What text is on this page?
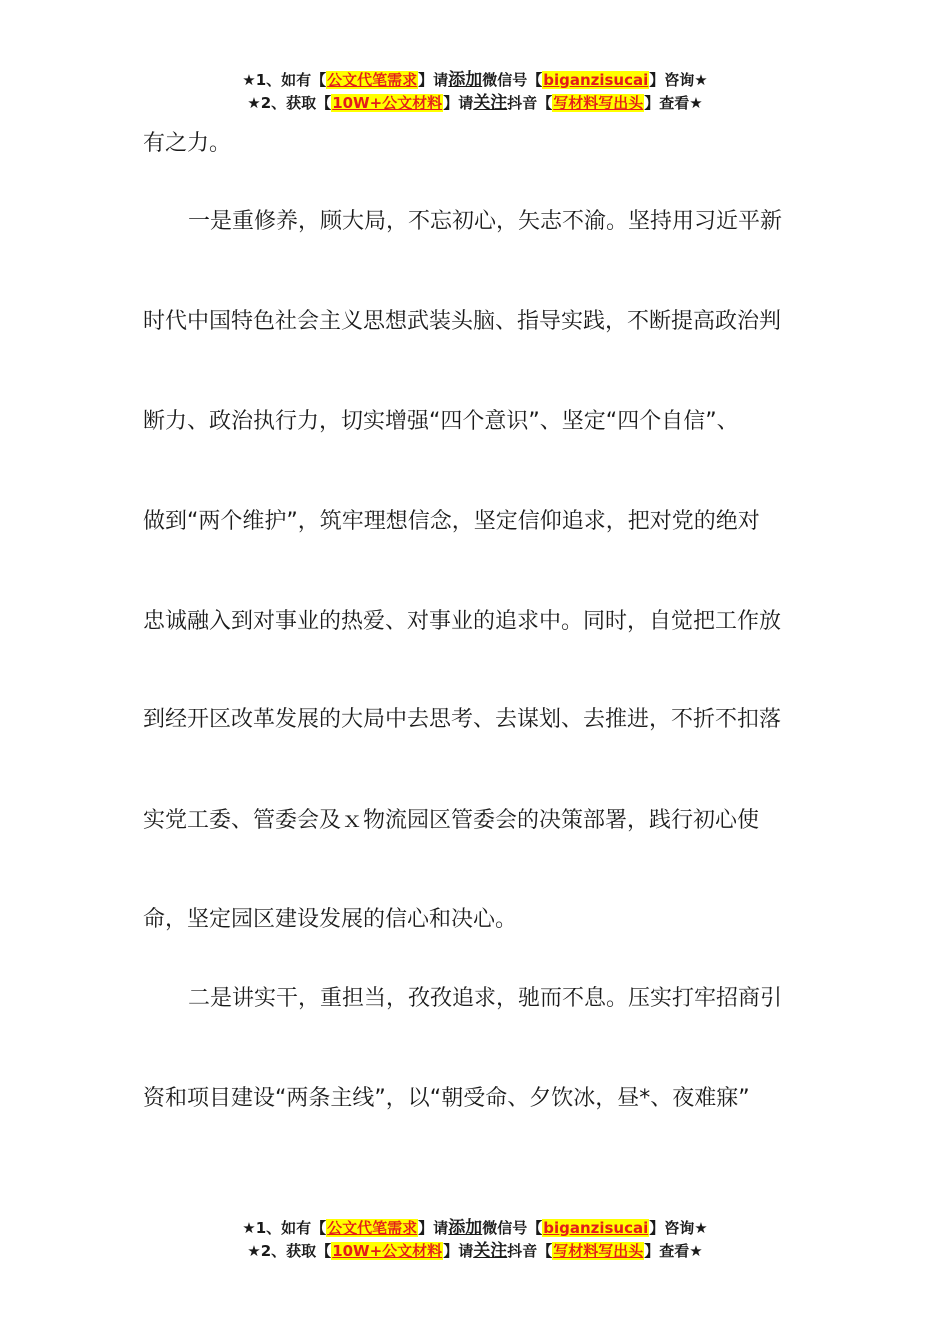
★1、如有【公文代笔需求】请添加微信号【biganzisucai】咨询★
★2、获取【10W+公文材料】请关注抖音【写材料写出头】查看★
有之力。
一是重修养，顾大局，不忘初心，矢志不渝。坚持用习近平新
时代中国特色社会主义思想武装头脑、指导实践，不断提高政治判
断力、政治执行力，切实增强“四个意识”、坚定“四个自信”、
做到“两个维护”，筑牢理想信念，坚定信仰追求，把对党的绝对
忠诚融入到对事业的热爱、对事业的追求中。同时，自觉把工作放
到经开区改革发展的大局中去思考、去谋划、去推进，不折不扣落
实党工委、管委会及ｘ物流园区管委会的决策部署，践行初心使
命，坚定园区建设发展的信心和决心。
二是讲实干，重担当，孜孜追求，驰而不息。压实打牢招商引
资和项目建设“两条主线”，以“朝受命、夕饮冰，昼*、夜难寐”
★1、如有【公文代笔需求】请添加微信号【biganzisucai】咨询★
★2、获取【10W+公文材料】请关注抖音【写材料写出头】查看★
